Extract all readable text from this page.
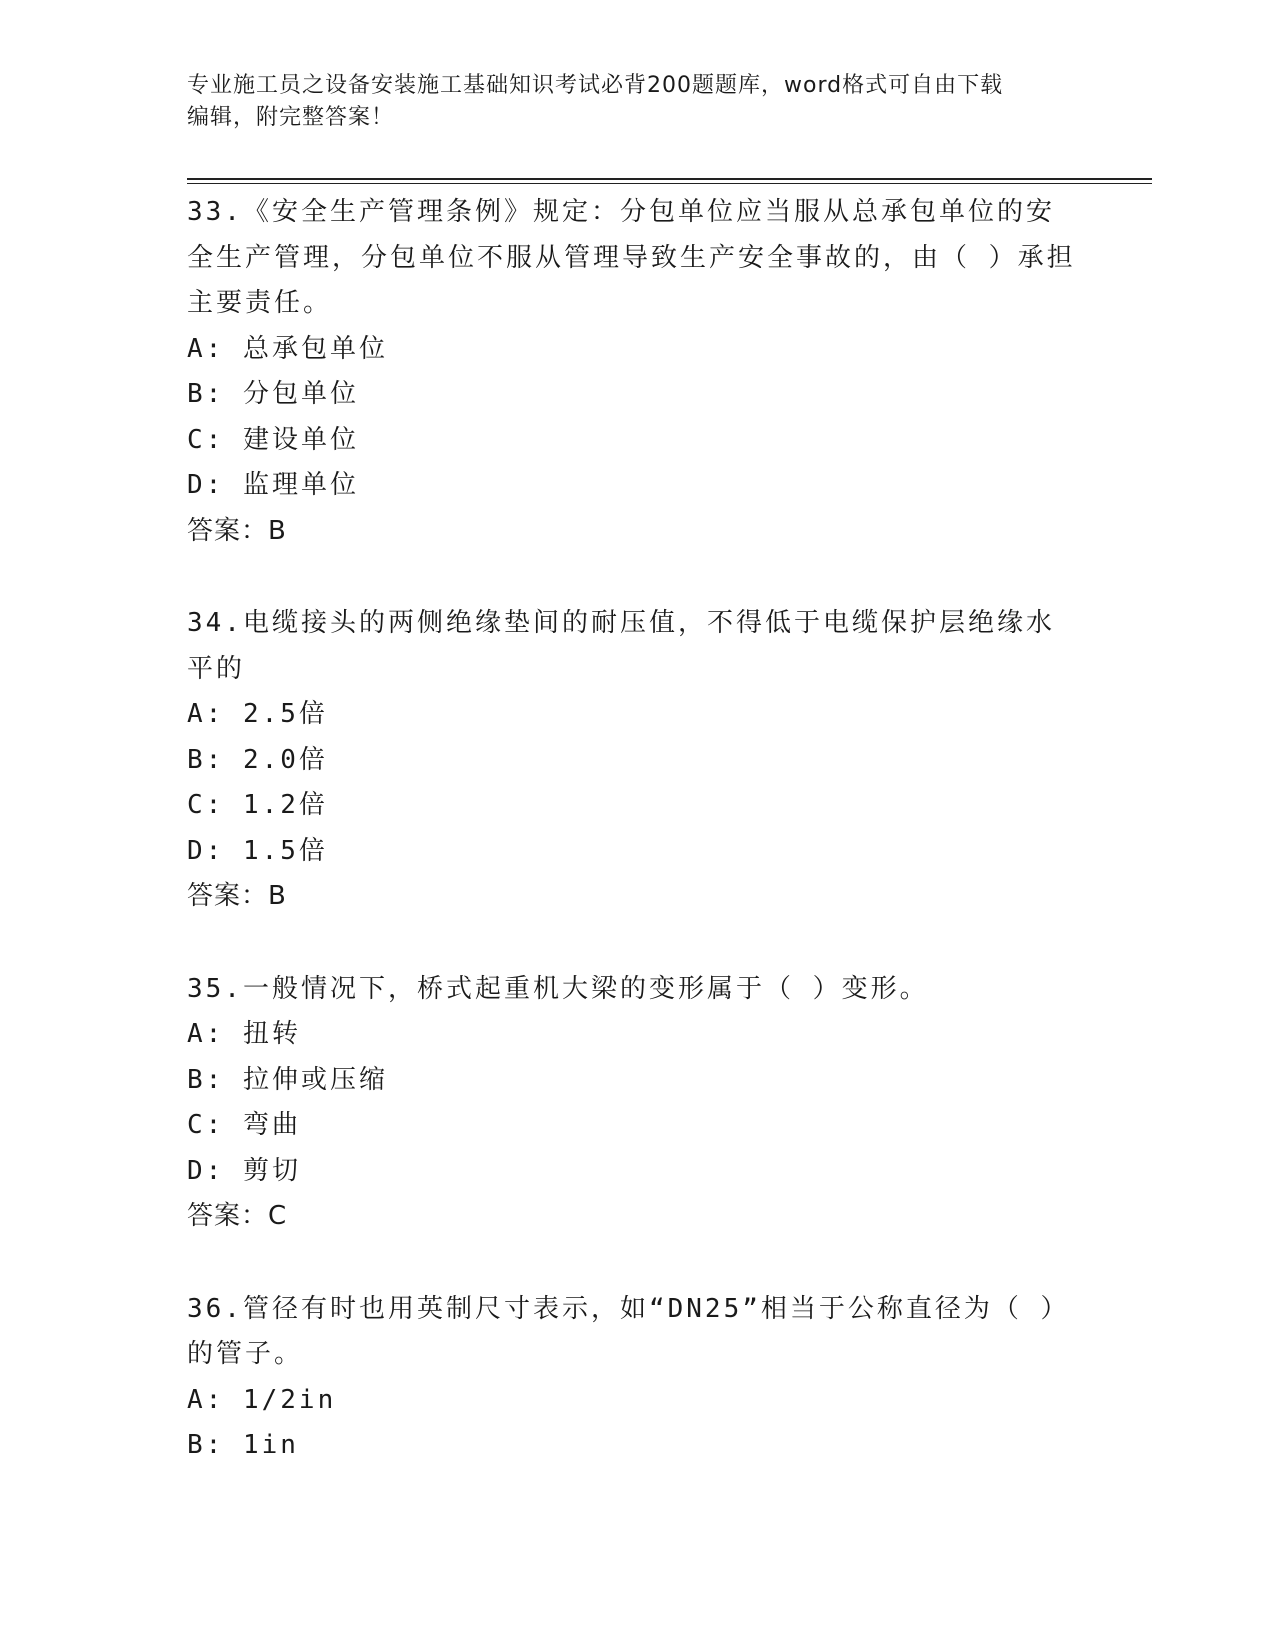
专业施工员之设备安装施工基础知识考试必背200题题库，word格式可自由下载
编辑，附完整答案！
33.《安全生产管理条例》规定：分包单位应当服从总承包单位的安全生产管理，分包单位不服从管理导致生产安全事故的，由（ ）承担主要责任。
A: 总承包单位
B: 分包单位
C: 建设单位
D: 监理单位
答案：B
34.电缆接头的两侧绝缘垫间的耐压值，不得低于电缆保护层绝缘水平的
A: 2.5倍
B: 2.0倍
C: 1.2倍
D: 1.5倍
答案：B
35.一般情况下，桥式起重机大梁的变形属于（ ）变形。
A: 扭转
B: 拉伸或压缩
C: 弯曲
D: 剪切
答案：C
36.管径有时也用英制尺寸表示，如“DN25”相当于公称直径为（ ）的管子。
A: 1/2in
B: 1in
